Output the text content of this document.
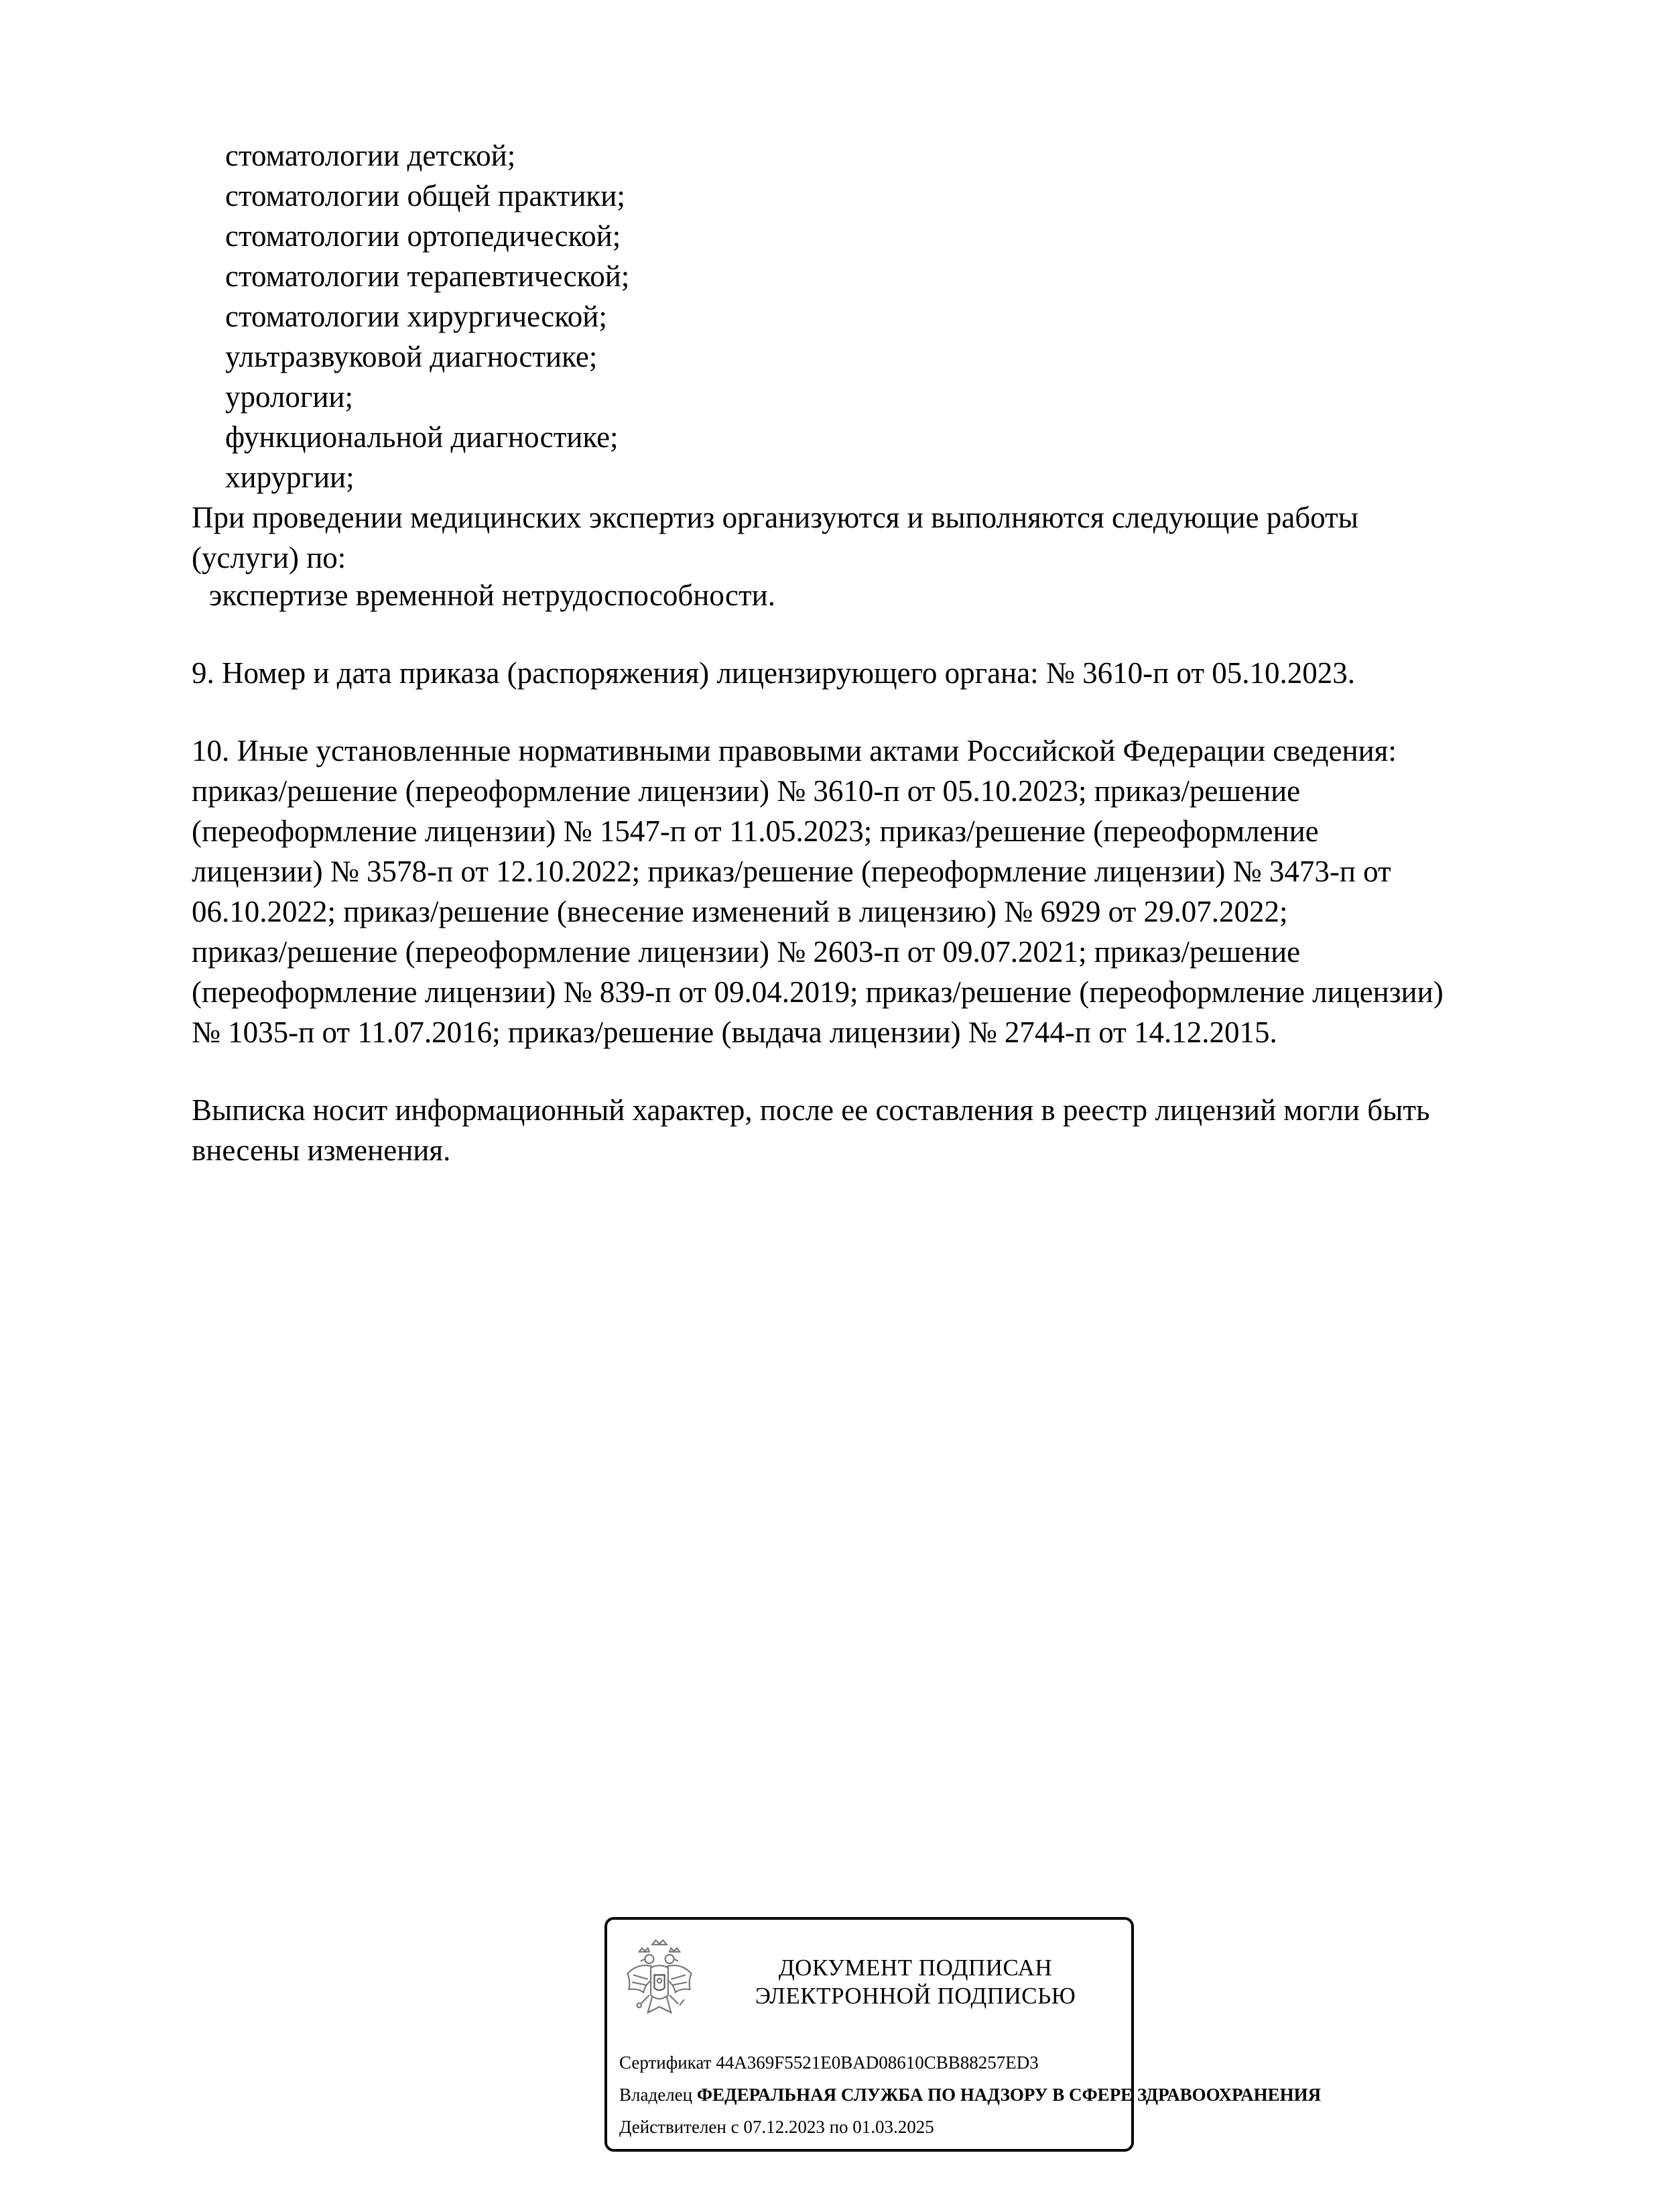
стоматологии детской;
стоматологии общей практики;
стоматологии ортопедической;
стоматологии терапевтической;
стоматологии хирургической;
ультразвуковой диагностике;
урологии;
функциональной диагностике;
хирургии;
При проведении медицинских экспертиз организуются и выполняются следующие работы
(услуги) по:
экспертизе временной нетрудоспособности.
9. Номер и дата приказа (распоряжения) лицензирующего органа: № 3610-п от 05.10.2023.
10. Иные установленные нормативными правовыми актами Российской Федерации сведения:
приказ/решение (переоформление лицензии) № 3610-п от 05.10.2023; приказ/решение
(переоформление лицензии) № 1547-п от 11.05.2023; приказ/решение (переоформление
лицензии) № 3578-п от 12.10.2022; приказ/решение (переоформление лицензии) № 3473-п от
06.10.2022; приказ/решение (внесение изменений в лицензию) № 6929 от 29.07.2022;
приказ/решение (переоформление лицензии) № 2603-п от 09.07.2021; приказ/решение
(переоформление лицензии) № 839-п от 09.04.2019; приказ/решение (переоформление лицензии)
№ 1035-п от 11.07.2016; приказ/решение (выдача лицензии) № 2744-п от 14.12.2015.
Выписка носит информационный характер, после ее составления в реестр лицензий могли быть
внесены изменения.
ДОКУМЕНТ ПОДПИСАН
ЭЛЕКТРОННОЙ ПОДПИСЬЮ
Сертификат 44A369F5521E0BAD08610CBB88257ED3
Владелец ФЕДЕРАЛЬНАЯ СЛУЖБА ПО НАДЗОРУ В СФЕРЕ ЗДРАВООХРАНЕНИЯ
Действителен с 07.12.2023 по 01.03.2025
